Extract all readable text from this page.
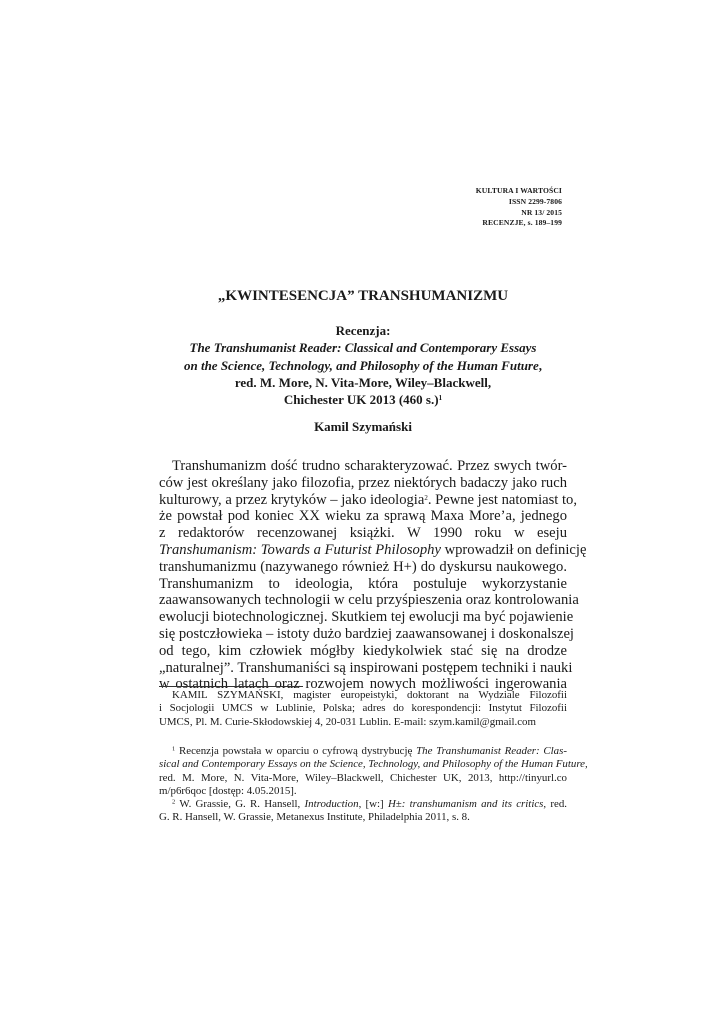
KULTURA I WARTOŚCI
ISSN 2299-7806
NR 13/ 2015
RECENZJE, s. 189–199
„KWINTESENCJA” TRANSHUMANIZMU
Recenzja:
The Transhumanist Reader: Classical and Contemporary Essays
on the Science, Technology, and Philosophy of the Human Future,
red. M. More, N. Vita-More, Wiley–Blackwell,
Chichester UK 2013 (460 s.)$^1$
Kamil Szymański
Transhumanizm dość trudno scharakteryzować. Przez swych twór-
ców jest określany jako filozofia, przez niektórych badaczy jako ruch
kulturowy, a przez krytyków – jako ideologia$^2$. Pewne jest natomiast to,
że powstał pod koniec XX wieku za sprawą Maxa More’a, jednego
z redaktorów recenzowanej książki. W 1990 roku w eseju
Transhumanism: Towards a Futurist Philosophy wprowadził on definicję
transhumanizmu (nazywanego również H+) do dyskursu naukowego.
Transhumanizm to ideologia, która postuluje wykorzystanie
zaawansowanych technologii w celu przyśpieszenia oraz kontrolowania
ewolucji biotechnologicznej. Skutkiem tej ewolucji ma być pojawienie
się postczłowieka – istoty dużo bardziej zaawansowanej i doskonalszej
od tego, kim człowiek mógłby kiedykolwiek stać się na drodze
„naturalnej”. Transhumaniści są inspirowani postępem techniki i nauki
w ostatnich latach oraz rozwojem nowych możliwości ingerowania
KAMIL SZYMAŃSKI, magister europeistyki, doktorant na Wydziale Filozofii
i Socjologii UMCS w Lublinie, Polska; adres do korespondencji: Instytut Filozofii
UMCS, Pl. M. Curie-Skłodowskiej 4, 20-031 Lublin. E-mail: szym.kamil@gmail.com
$^1$ Recenzja powstała w oparciu o cyfrową dystrybucję The Transhumanist Reader: Clas-
sical and Contemporary Essays on the Science, Technology, and Philosophy of the Human Future,
red. M. More, N. Vita-More, Wiley–Blackwell, Chichester UK, 2013, http://tinyurl.co
m/p6r6qoc [dostęp: 4.05.2015].
$^2$ W. Grassie, G. R. Hansell, Introduction, [w:] H±: transhumanism and its critics, red.
G. R. Hansell, W. Grassie, Metanexus Institute, Philadelphia 2011, s. 8.
